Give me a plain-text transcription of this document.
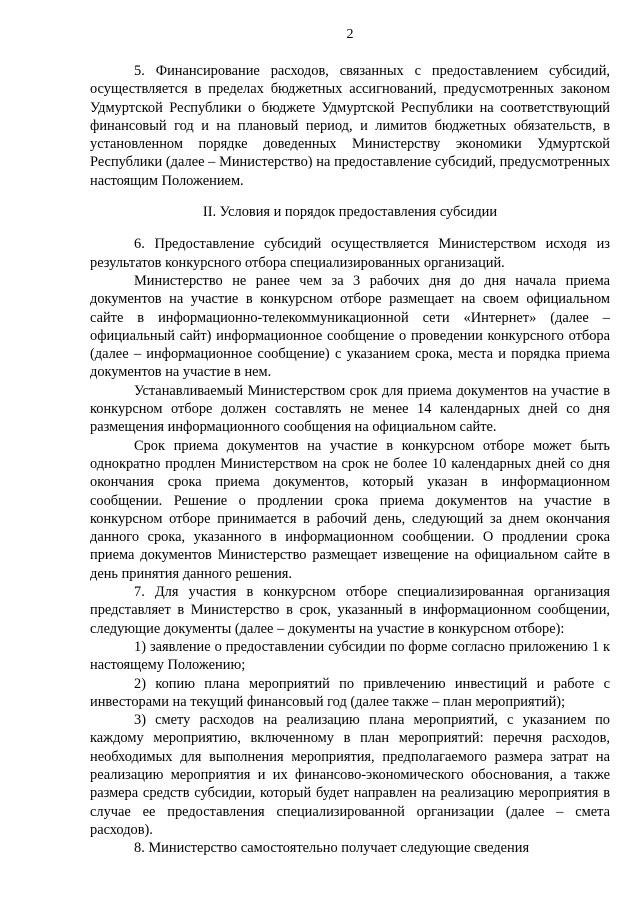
2

5. Финансирование расходов, связанных с предоставлением субсидий, осуществляется в пределах бюджетных ассигнований, предусмотренных законом Удмуртской Республики о бюджете Удмуртской Республики на соответствующий финансовый год и на плановый период, и лимитов бюджетных обязательств, в установленном порядке доведенных Министерству экономики Удмуртской Республики (далее – Министерство) на предоставление субсидий, предусмотренных настоящим Положением.

II. Условия и порядок предоставления субсидии

6. Предоставление субсидий осуществляется Министерством исходя из результатов конкурсного отбора специализированных организаций.

Министерство не ранее чем за 3 рабочих дня до дня начала приема документов на участие в конкурсном отборе размещает на своем официальном сайте в информационно-телекоммуникационной сети «Интернет» (далее – официальный сайт) информационное сообщение о проведении конкурсного отбора (далее – информационное сообщение) с указанием срока, места и порядка приема документов на участие в нем.

Устанавливаемый Министерством срок для приема документов на участие в конкурсном отборе должен составлять не менее 14 календарных дней со дня размещения информационного сообщения на официальном сайте.

Срок приема документов на участие в конкурсном отборе может быть однократно продлен Министерством на срок не более 10 календарных дней со дня окончания срока приема документов, который указан в информационном сообщении. Решение о продлении срока приема документов на участие в конкурсном отборе принимается в рабочий день, следующий за днем окончания данного срока, указанного в информационном сообщении. О продлении срока приема документов Министерство размещает извещение на официальном сайте в день принятия данного решения.

7. Для участия в конкурсном отборе специализированная организация представляет в Министерство в срок, указанный в информационном сообщении, следующие документы (далее – документы на участие в конкурсном отборе):

1) заявление о предоставлении субсидии по форме согласно приложению 1 к настоящему Положению;

2) копию плана мероприятий по привлечению инвестиций и работе с инвесторами на текущий финансовый год (далее также – план мероприятий);

3) смету расходов на реализацию плана мероприятий, с указанием по каждому мероприятию, включенному в план мероприятий: перечня расходов, необходимых для выполнения мероприятия, предполагаемого размера затрат на реализацию мероприятия и их финансово-экономического обоснования, а также размера средств субсидии, который будет направлен на реализацию мероприятия в случае ее предоставления специализированной организации (далее – смета расходов).

8. Министерство самостоятельно получает следующие сведения
